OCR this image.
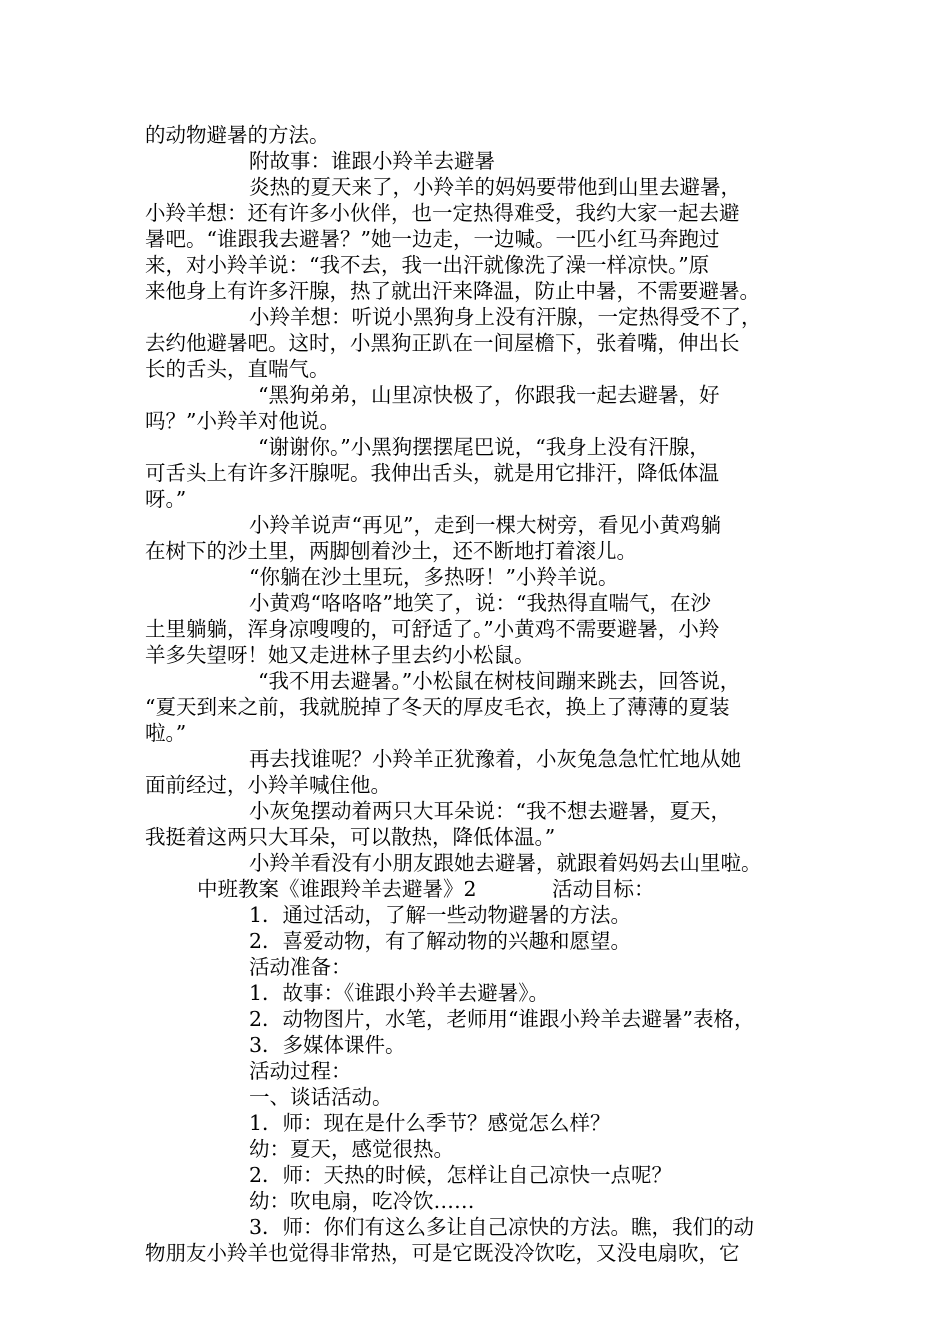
的动物避暑的方法。
附故事：谁跟小羚羊去避暑
炎热的夏天来了，小羚羊的妈妈要带他到山里去避暑，
小羚羊想：还有许多小伙伴，也一定热得难受，我约大家一起去避
暑吧。“谁跟我去避暑？”她一边走，一边喊。一匹小红马奔跑过
来，对小羚羊说：“我不去，我一出汗就像洗了澡一样凉快。”原
来他身上有许多汗腺，热了就出汗来降温，防止中暑，不需要避暑。
小羚羊想：听说小黑狗身上没有汗腺，一定热得受不了，
去约他避暑吧。这时，小黑狗正趴在一间屋檐下，张着嘴，伸出长
长的舌头，直喘气。
“黑狗弟弟，山里凉快极了，你跟我一起去避暑，好
吗？”小羚羊对他说。
“谢谢你。”小黑狗摆摆尾巴说，“我身上没有汗腺，
可舌头上有许多汗腺呢。我伸出舌头，就是用它排汗，降低体温
呀。”
小羚羊说声“再见”，走到一棵大树旁，看见小黄鸡躺
在树下的沙土里，两脚刨着沙土，还不断地打着滚儿。
“你躺在沙土里玩，多热呀！”小羚羊说。
小黄鸡“咯咯咯”地笑了，说：“我热得直喘气，在沙
土里躺躺，浑身凉嗖嗖的，可舒适了。”小黄鸡不需要避暑，小羚
羊多失望呀！她又走进林子里去约小松鼠。
“我不用去避暑。”小松鼠在树枝间蹦来跳去，回答说，
“夏天到来之前，我就脱掉了冬天的厚皮毛衣，换上了薄薄的夏装
啦。”
再去找谁呢？小羚羊正犹豫着，小灰兔急急忙忙地从她
面前经过，小羚羊喊住他。
小灰兔摆动着两只大耳朵说：“我不想去避暑，夏天，
我挺着这两只大耳朵，可以散热，降低体温。”
小羚羊看没有小朋友跟她去避暑，就跟着妈妈去山里啦。
中班教案《谁跟羚羊去避暑》2	活动目标：
1．通过活动，了解一些动物避暑的方法。
2．喜爱动物，有了解动物的兴趣和愿望。
活动准备：
1．故事：《谁跟小羚羊去避暑》。
2．动物图片，水笔，老师用“谁跟小羚羊去避暑”表格，
3．多媒体课件。
活动过程：
一、谈话活动。
1．师：现在是什么季节？感觉怎么样？
幼：夏天，感觉很热。
2．师：天热的时候，怎样让自己凉快一点呢？
幼：吹电扇，吃冷饮……
3．师：你们有这么多让自己凉快的方法。瞧，我们的动
物朋友小羚羊也觉得非常热，可是它既没冷饮吃，又没电扇吹，它
